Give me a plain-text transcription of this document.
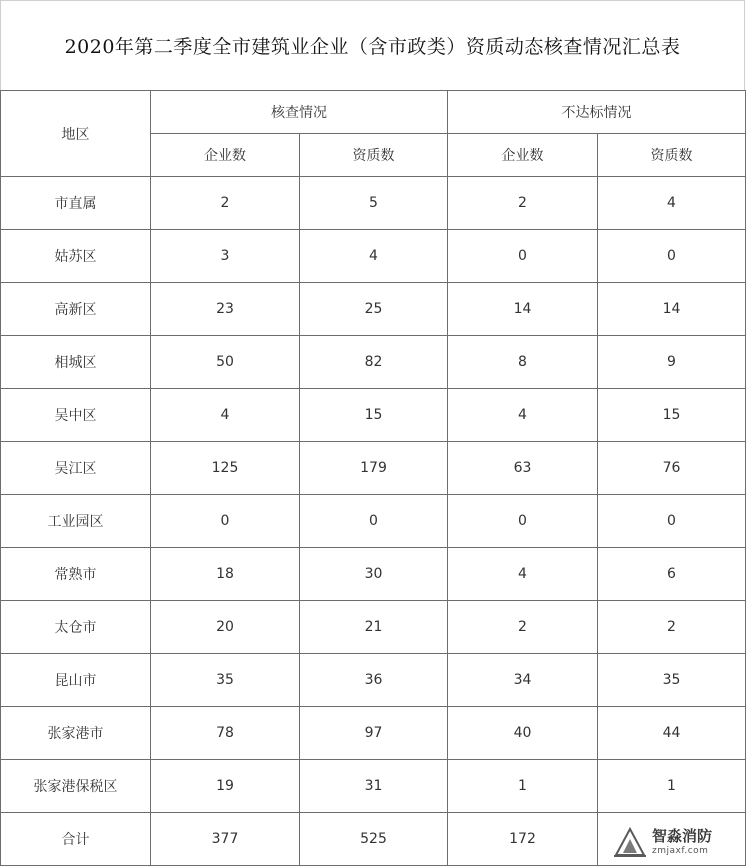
2020年第二季度全市建筑业企业（含市政类）资质动态核查情况汇总表
地区	核查情况		不达标情况	
	企业数	资质数	企业数	资质数
市直属	2	5	2	4
姑苏区	3	4	0	0
高新区	23	25	14	14
相城区	50	82	8	9
吴中区	4	15	4	15
吴江区	125	179	63	76
工业园区	0	0	0	0
常熟市	18	30	4	6
太仓市	20	21	2	2
昆山市	35	36	34	35
张家港市	78	97	40	44
张家港保税区	19	31	1	1
合计	377	525	172		智淼消防
zmjaxf.com
